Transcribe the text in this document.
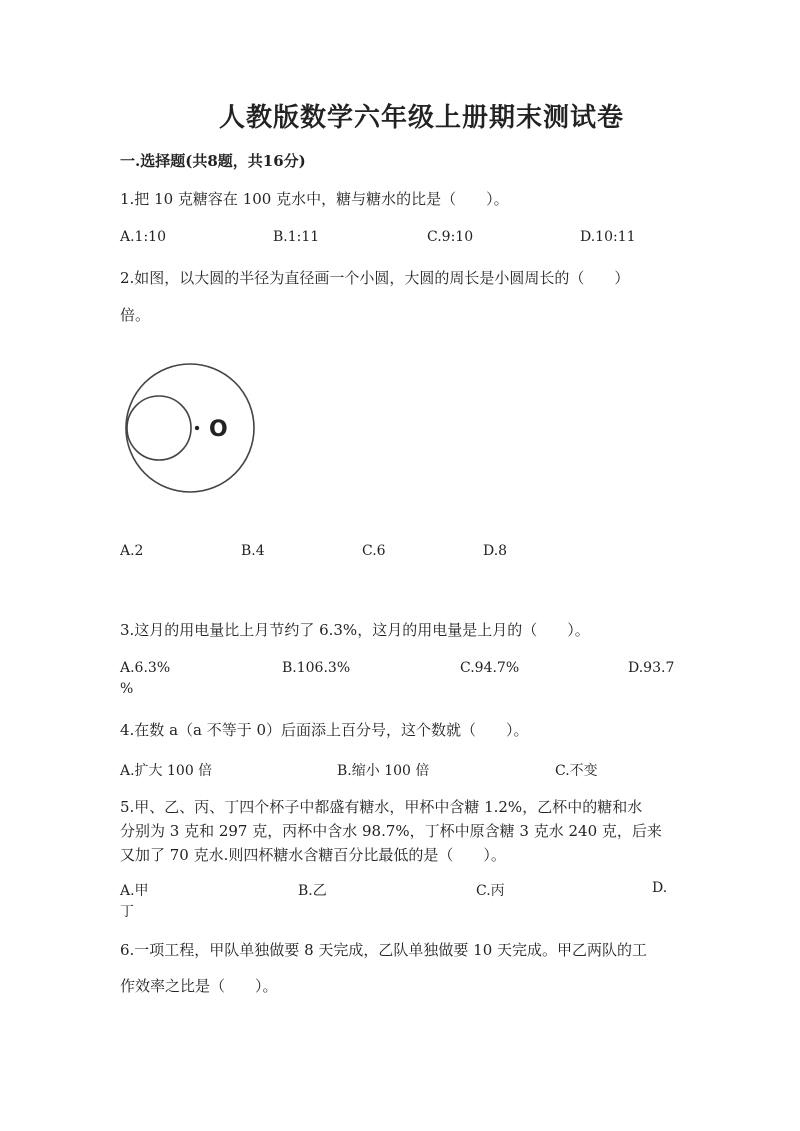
人教版数学六年级上册期末测试卷
一.选择题(共8题，共16分)
1.把 10 克糖容在 100 克水中，糖与糖水的比是（　　）。
A.1:10	B.1:11	C.9:10	D.10:11
2.如图，以大圆的半径为直径画一个小圆，大圆的周长是小圆周长的（　　）
倍。
O
A.2	B.4	C.6	D.8
3.这月的用电量比上月节约了 6.3%，这月的用电量是上月的（　　）。
A.6.3%	B.106.3%	C.94.7%	D.93.7
%
4.在数 a（a 不等于 0）后面添上百分号，这个数就（　　）。
A.扩大 100 倍	B.缩小 100 倍	C.不变
5.甲、乙、丙、丁四个杯子中都盛有糖水，甲杯中含糖 1.2%，乙杯中的糖和水
分别为 3 克和 297 克，丙杯中含水 98.7%，丁杯中原含糖 3 克水 240 克，后来
又加了 70 克水.则四杯糖水含糖百分比最低的是（　　）。
A.甲	B.乙	C.丙	D.
丁
6.一项工程，甲队单独做要 8 天完成，乙队单独做要 10 天完成。甲乙两队的工
作效率之比是（　　）。
